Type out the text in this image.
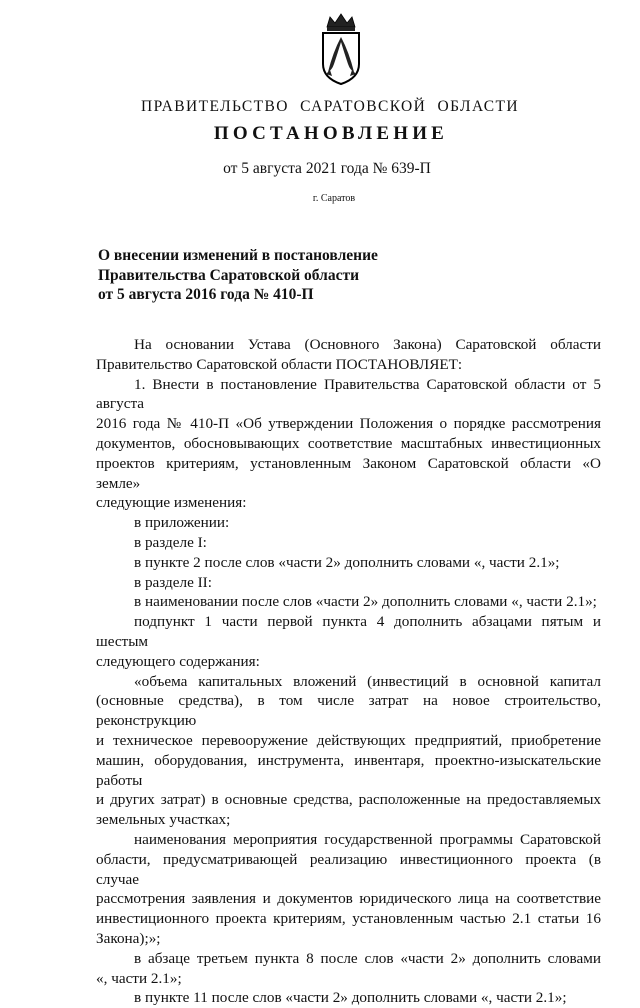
ПРАВИТЕЛЬСТВО САРАТОВСКОЙ ОБЛАСТИ
ПОСТАНОВЛЕНИЕ
от 5 августа 2021 года № 639-П
г. Саратов
О внесении изменений в постановление
Правительства Саратовской области
от 5 августа 2016 года № 410-П
На основании Устава (Основного Закона) Саратовской области
Правительство Саратовской области ПОСТАНОВЛЯЕТ:
1. Внести в постановление Правительства Саратовской области от 5 августа
2016 года № 410-П «Об утверждении Положения о порядке рассмотрения
документов, обосновывающих соответствие масштабных инвестиционных
проектов критериям, установленным Законом Саратовской области «О земле»
следующие изменения:
в приложении:
в разделе I:
в пункте 2 после слов «части 2» дополнить словами «, части 2.1»;
в разделе II:
в наименовании после слов «части 2» дополнить словами «, части 2.1»;
подпункт 1 части первой пункта 4 дополнить абзацами пятым и шестым
следующего содержания:
«объема капитальных вложений (инвестиций в основной капитал
(основные средства), в том числе затрат на новое строительство, реконструкцию
и техническое перевооружение действующих предприятий, приобретение
машин, оборудования, инструмента, инвентаря, проектно-изыскательские работы
и других затрат) в основные средства, расположенные на предоставляемых
земельных участках;
наименования мероприятия государственной программы Саратовской
области, предусматривающей реализацию инвестиционного проекта (в случае
рассмотрения заявления и документов юридического лица на соответствие
инвестиционного проекта критериям, установленным частью 2.1 статьи 16
Закона);»;
в абзаце третьем пункта 8 после слов «части 2» дополнить словами
«, части 2.1»;
в пункте 11 после слов «части 2» дополнить словами «, части 2.1»;
